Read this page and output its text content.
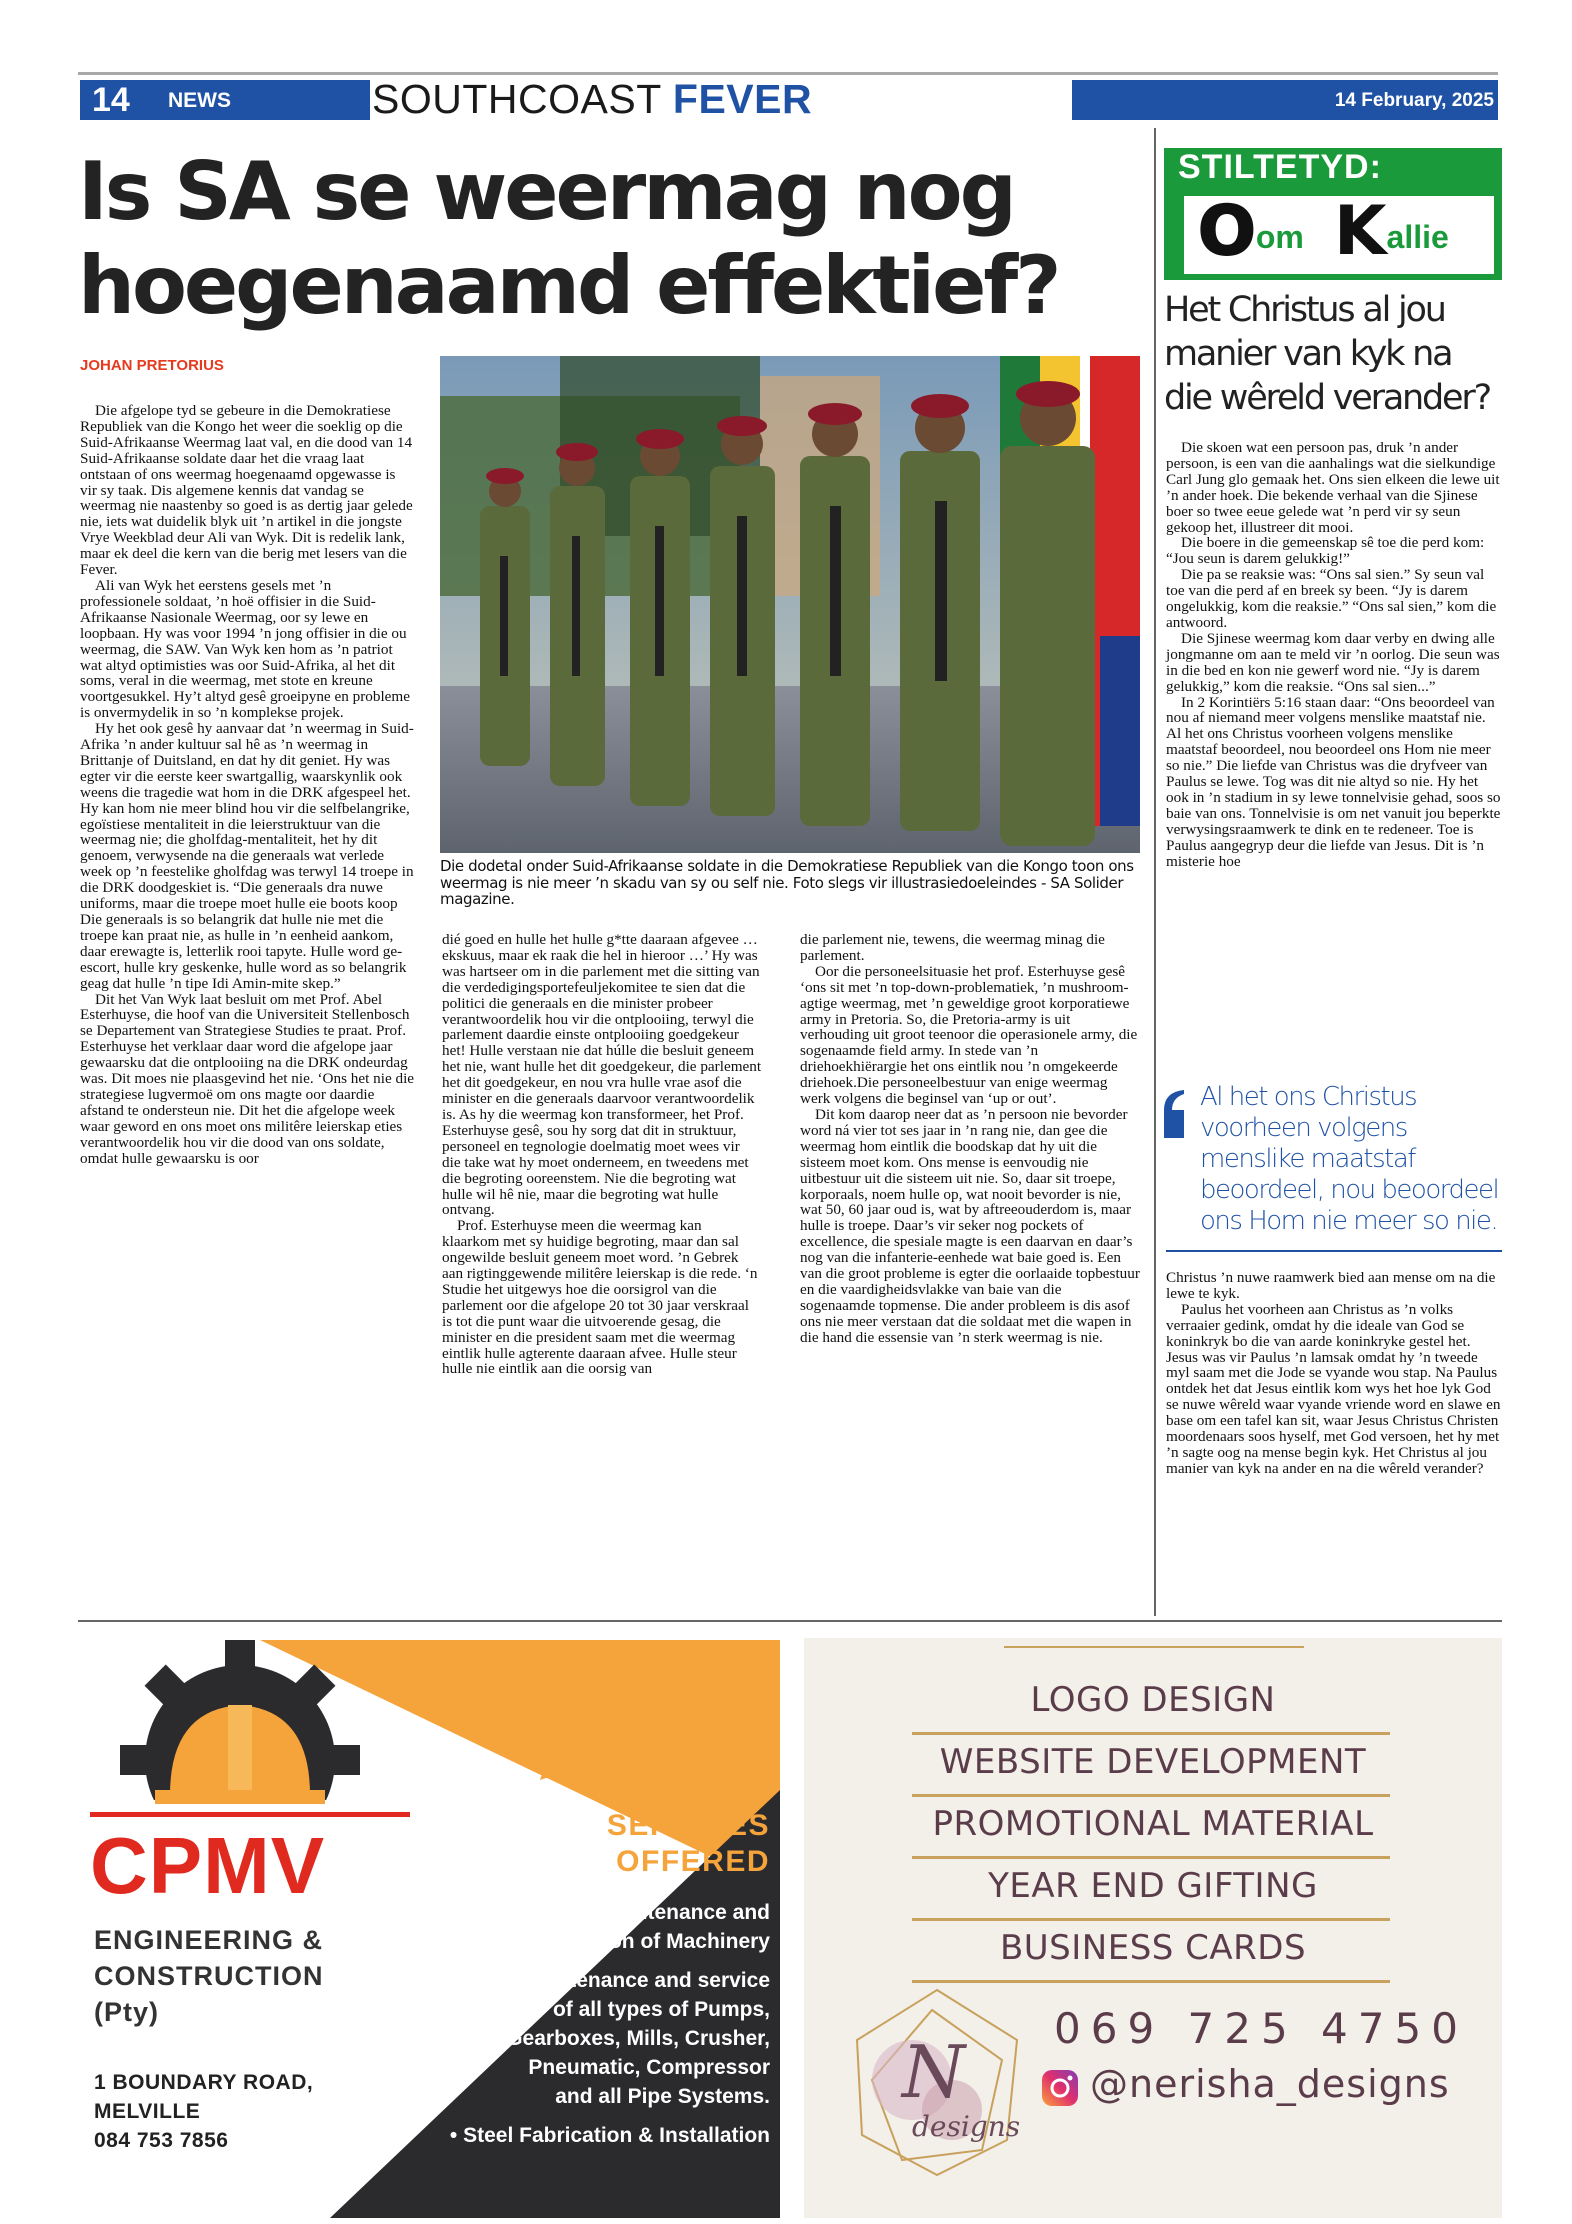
14 NEWS	SOUTHCOAST FEVER	14 February, 2025
Is SA se weermag nog hoegenaamd effektief?
JOHAN PRETORIUS

Die afgelope tyd se gebeure in die Demokratiese Republiek van die Kongo het weer die soeklig op die Suid-Afrikaanse Weermag laat val, en die dood van 14 Suid-Afrikaanse soldate daar het die vraag laat ontstaan of ons weermag hoegenaamd opgewasse is vir sy taak. Dis algemene kennis dat vandag se weermag nie naastenby so goed is as dertig jaar gelede nie, iets wat duidelik blyk uit ’n artikel in die jongste Vrye Weekblad deur Ali van Wyk. Dit is redelik lank, maar ek deel die kern van die berig met lesers van die Fever.

Ali van Wyk het eerstens gesels met ’n professionele soldaat, ’n hoë offisier in die Suid-Afrikaanse Nasionale Weermag, oor sy lewe en loopbaan. Hy was voor 1994 ’n jong offisier in die ou weermag, die SAW. Van Wyk ken hom as ’n patriot wat altyd optimisties was oor Suid-Afrika, al het dit soms, veral in die weermag, met stote en kreune voortgesukkel. Hy’t altyd gesê groeipyne en probleme is onvermydelik in so ’n komplekse projek.

Hy het ook gesê hy aanvaar dat ’n weermag in Suid-Afrika ’n ander kultuur sal hê as ’n weermag in Brittanje of Duitsland, en dat hy dit geniet. Hy was egter vir die eerste keer swartgallig, waarskynlik ook weens die tragedie wat hom in die DRK afgespeel het. Hy kan hom nie meer blind hou vir die selfbelangrike, egoïstiese mentaliteit in die leierstruktuur van die weermag nie; die gholfdag-mentaliteit, het hy dit genoem, verwysende na die generaals wat verlede week op ’n feestelike gholfdag was terwyl 14 troepe in die DRK doodgeskiet is. “Die generaals dra nuwe uniforms, maar die troepe moet hulle eie boots koop Die generaals is so belangrik dat hulle nie met die troepe kan praat nie, as hulle in ’n eenheid aankom, daar erewagte is, letterlik rooi tapyte. Hulle word ge-escort, hulle kry geskenke, hulle word as so belangrik geag dat hulle ’n tipe Idi Amin-mite skep.”

Dit het Van Wyk laat besluit om met Prof. Abel Esterhuyse, die hoof van die Universiteit Stellenbosch se Departement van Strategiese Studies te praat. Prof. Esterhuyse het verklaar daar word die afgelope jaar gewaarsku dat die ontplooiing na die DRK ondeurdag was. Dit moes nie plaasgevind het nie. ‘Ons het nie die strategiese lugvermoë om ons magte oor daardie afstand te ondersteun nie. Dit het die afgelope week waar geword en ons moet ons militêre leierskap eties verantwoordelik hou vir die dood van ons soldate, omdat hulle gewaarsku is oor

Die dodetal onder Suid-Afrikaanse soldate in die Demokratiese Republiek van die Kongo toon ons weermag is nie meer ’n skadu van sy ou self nie. Foto slegs vir illustrasiedoeleindes - SA Solider magazine.

dié goed en hulle het hulle g*tte daaraan afgevee … ekskuus, maar ek raak die hel in hieroor …’ Hy was was hartseer om in die parlement met die sitting van die verdedigingsportefeuljekomitee te sien dat die politici die generaals en die minister probeer verantwoordelik hou vir die ontplooiing, terwyl die parlement daardie einste ontplooiing goedgekeur het! Hulle verstaan nie dat húlle die besluit geneem het nie, want hulle het dit goedgekeur, die parlement het dit goedgekeur, en nou vra hulle vrae asof die minister en die generaals daarvoor verantwoordelik is. As hy die weermag kon transformeer, het Prof. Esterhuyse gesê, sou hy sorg dat dit in struktuur, personeel en tegnologie doelmatig moet wees vir die take wat hy moet onderneem, en tweedens met die begroting ooreenstem. Nie die begroting wat hulle wil hê nie, maar die begroting wat hulle ontvang.

Prof. Esterhuyse meen die weermag kan klaarkom met sy huidige begroting, maar dan sal ongewilde besluit geneem moet word. ’n Gebrek aan rigtinggewende militêre leierskap is die rede. ‘n Studie het uitgewys hoe die oorsigrol van die parlement oor die afgelope 20 tot 30 jaar verskraal is tot die punt waar die uitvoerende gesag, die minister en die president saam met die weermag eintlik hulle agterente daaraan afvee. Hulle steur hulle nie eintlik aan die oorsig van

die parlement nie, tewens, die weermag minag die parlement.

Oor die personeelsituasie het prof. Esterhuyse gesê ‘ons sit met ’n top-down-problematiek, ’n mushroom-agtige weermag, met ’n geweldige groot korporatiewe army in Pretoria. So, die Pretoria-army is uit verhouding uit groot teenoor die operasionele army, die sogenaamde field army. In stede van ’n driehoekhiërargie het ons eintlik nou ’n omgekeerde driehoek.Die personeelbestuur van enige weermag werk volgens die beginsel van ‘up or out’.

Dit kom daarop neer dat as ’n persoon nie bevorder word ná vier tot ses jaar in ’n rang nie, dan gee die weermag hom eintlik die boodskap dat hy uit die sisteem moet kom. Ons mense is eenvoudig nie uitbestuur uit die sisteem uit nie. So, daar sit troepe, korporaals, noem hulle op, wat nooit bevorder is nie, wat 50, 60 jaar oud is, wat by aftreeouderdom is, maar hulle is troepe. Daar’s vir seker nog pockets of excellence, die spesiale magte is een daarvan en daar’s nog van die infanterie-eenhede wat baie goed is. Een van die groot probleme is egter die oorlaaide topbestuur en die vaardigheidsvlakke van baie van die sogenaamde topmense. Die ander probleem is dis asof ons nie meer verstaan dat die soldaat met die wapen in die hand die essensie van ’n sterk weermag is nie.

STILTETYD:
Oom Kallie
Het Christus al jou manier van kyk na die wêreld verander?

Die skoen wat een persoon pas, druk ’n ander persoon, is een van die aanhalings wat die sielkundige Carl Jung glo gemaak het. Ons sien elkeen die lewe uit ’n ander hoek. Die bekende verhaal van die Sjinese boer so twee eeue gelede wat ’n perd vir sy seun gekoop het, illustreer dit mooi.

Die boere in die gemeenskap sê toe die perd kom: “Jou seun is darem gelukkig!”

Die pa se reaksie was: “Ons sal sien.” Sy seun val toe van die perd af en breek sy been. “Jy is darem ongelukkig, kom die reaksie.” “Ons sal sien,” kom die antwoord.

Die Sjinese weermag kom daar verby en dwing alle jongmanne om aan te meld vir ’n oorlog. Die seun was in die bed en kon nie gewerf word nie. “Jy is darem gelukkig,” kom die reaksie. “Ons sal sien...”

In 2 Korintiërs 5:16 staan daar: “Ons beoordeel van nou af niemand meer volgens menslike maatstaf nie. Al het ons Christus voorheen volgens menslike maatstaf beoordeel, nou beoordeel ons Hom nie meer so nie.” Die liefde van Christus was die dryfveer van Paulus se lewe. Tog was dit nie altyd so nie. Hy het ook in ’n stadium in sy lewe tonnelvisie gehad, soos so baie van ons. Tonnelvisie is om net vanuit jou beperkte verwysingsraamwerk te dink en te redeneer. Toe is Paulus aangegryp deur die liefde van Jesus. Dit is ’n misterie hoe

Al het ons Christus voorheen volgens menslike maatstaf beoordeel, nou beoordeel ons Hom nie meer so nie.

Christus ’n nuwe raamwerk bied aan mense om na die lewe te kyk.

Paulus het voorheen aan Christus as ’n volks verraaier gedink, omdat hy die ideale van God se koninkryk bo die van aarde koninkryke gestel het. Jesus was vir Paulus ’n lamsak omdat hy ’n tweede myl saam met die Jode se vyande wou stap. Na Paulus ontdek het dat Jesus eintlik kom wys het hoe lyk God se nuwe wêreld waar vyande vriende word en slawe en base om een tafel kan sit, waar Jesus Christus Christen moordenaars soos hyself, met God versoen, het hy met ’n sagte oog na mense begin kyk. Het Christus al jou manier van kyk na ander en na die wêreld verander?

CPMV
ENGINEERING &
CONSTRUCTION
(Pty)
1 BOUNDARY ROAD,
MELVILLE
084 753 7856
SERVICES
OFFERED
• Industrial Maintenance and
Installation of Machinery
• Maintenance and service
of all types of Pumps,
Gearboxes, Mills, Crusher,
Pneumatic, Compressor
and all Pipe Systems.
• Steel Fabrication & Installation
LOGO DESIGN
WEBSITE DEVELOPMENT
PROMOTIONAL MATERIAL
YEAR END GIFTING
BUSINESS CARDS
N
designs
069 725 4750
@nerisha_designs
